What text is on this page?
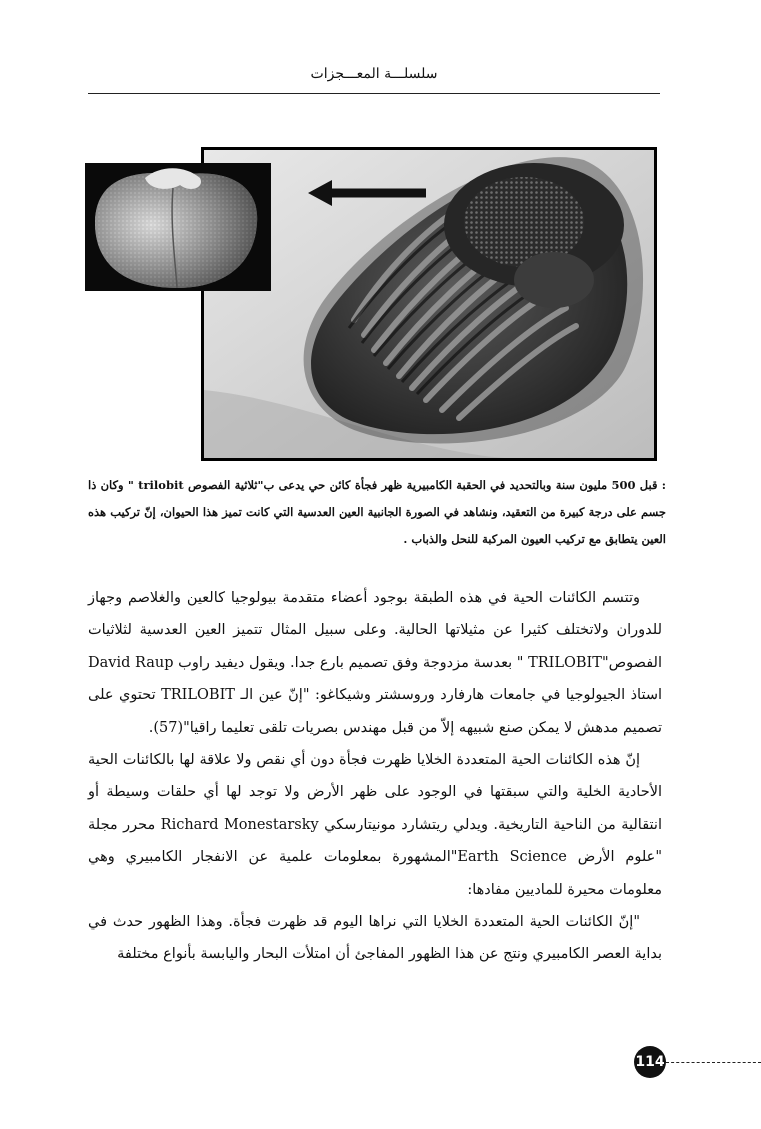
سلسلـــة المعـــجزات
: قبل 500 مليون سنة وبالتحديد في الحقبة الكامبيرية ظهر فجأة كائن حي يدعى ب"ثلاثية الفصوص trilobit " وكان ذا جسم على درجة كبيرة من التعقيد، ونشاهد في الصورة الجانبية العين العدسية التي كانت تميز هذا الحيوان، إنّ تركيب هذه العين يتطابق مع تركيب العيون المركبة للنحل والذباب .

وتتسم الكائنات الحية في هذه الطبقة بوجود أعضاء متقدمة بيولوجيا كالعين والغلاصم وجهاز للدوران ولاتختلف كثيرا عن مثيلاتها الحالية. وعلى سبيل المثال تتميز العين العدسية لثلاثيات الفصوص"TRILOBIT " بعدسة مزدوجة وفق تصميم بارع جدا. ويقول ديفيد راوب David Raup استاذ الجيولوجيا في جامعات هارفارد وروسشتر وشيكاغو: "إنّ عين الـ TRILOBIT تحتوي على تصميم مدهش لا يمكن صنع شبيهه إلاّ من قبل مهندس بصريات تلقى تعليما راقيا"(57).

إنّ هذه الكائنات الحية المتعددة الخلايا ظهرت فجأة دون أي نقص ولا علاقة لها بالكائنات الحية الأحادية الخلية والتي سبقتها في الوجود على ظهر الأرض ولا توجد لها أي حلقات وسيطة أو انتقالية من الناحية التاريخية. ويدلي ريتشارد مونيتارسكي Richard Monestarsky محرر مجلة "علوم الأرض Earth Science"المشهورة بمعلومات علمية عن الانفجار الكامبيري وهي معلومات محيرة للماديين مفادها:

"إنّ الكائنات الحية المتعددة الخلايا التي نراها اليوم قد ظهرت فجأة. وهذا الظهور حدث في بداية العصر الكامبيري ونتج عن هذا الظهور المفاجئ أن امتلأت البحار واليابسة بأنواع مختلفة

114
